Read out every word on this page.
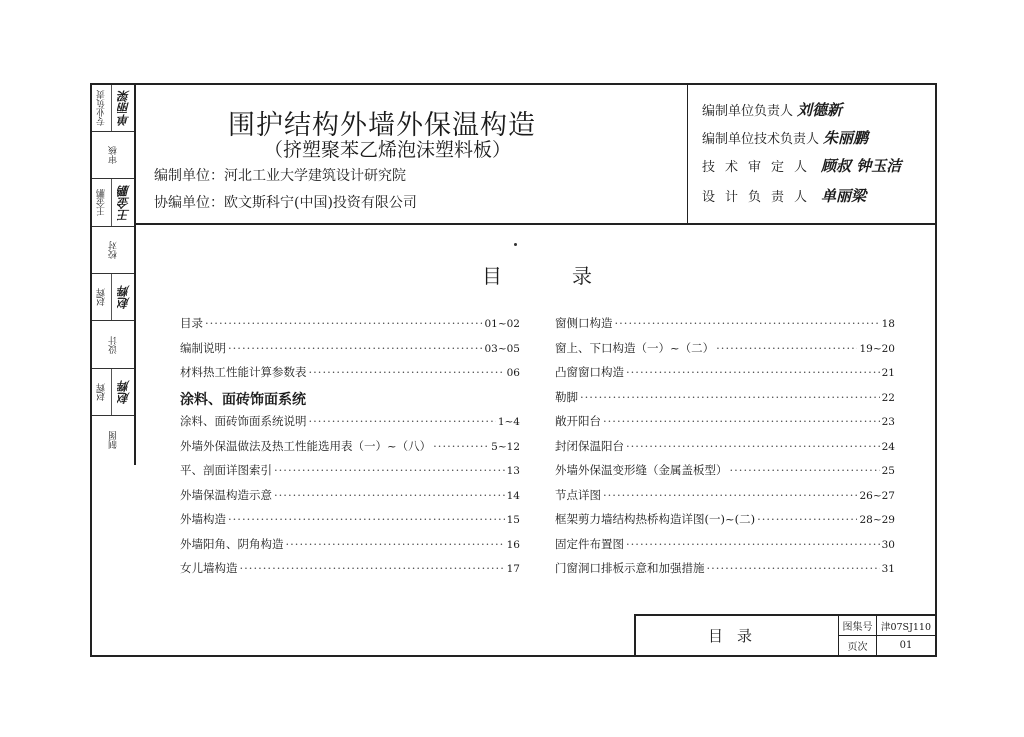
专业负责 单丽梁
审核
王金鹏 王金鹏
校对
赵辉 赵辉
设计
赵辉 赵辉
制图
围护结构外墙外保温构造
（挤塑聚苯乙烯泡沫塑料板）
编制单位：河北工业大学建筑设计研究院
协编单位：欧文斯科宁(中国)投资有限公司
编制单位负责人 刘德新
编制单位技术负责人 朱丽鹏
技术审定人 顾叔 钟玉洁
设计负责人 单丽梁
目录
目录 ·····	01~02
编制说明 ·····	03~05
材料热工性能计算参数表 ·····	06
涂料、面砖饰面系统
涂料、面砖饰面系统说明 ·····	1~4
外墙外保温做法及热工性能选用表（一）~（八） ·····	5~12
平、剖面详图索引 ·····	13
外墙保温构造示意 ·····	14
外墙构造 ·····	15
外墙阳角、阴角构造 ·····	16
女儿墙构造 ·····	17
窗侧口构造 ·····	18
窗上、下口构造（一）~（二） ·····	19~20
凸窗窗口构造 ·····	21
勒脚 ·····	22
敞开阳台 ·····	23
封闭保温阳台 ·····	24
外墙外保温变形缝（金属盖板型） ·····	25
节点详图 ·····	26~27
框架剪力墙结构热桥构造详图(一)~(二) ·····	28~29
固定件布置图 ·····	30
门窗洞口排板示意和加强措施 ·····	31
目录	图集号 津07SJ110
页次	01
